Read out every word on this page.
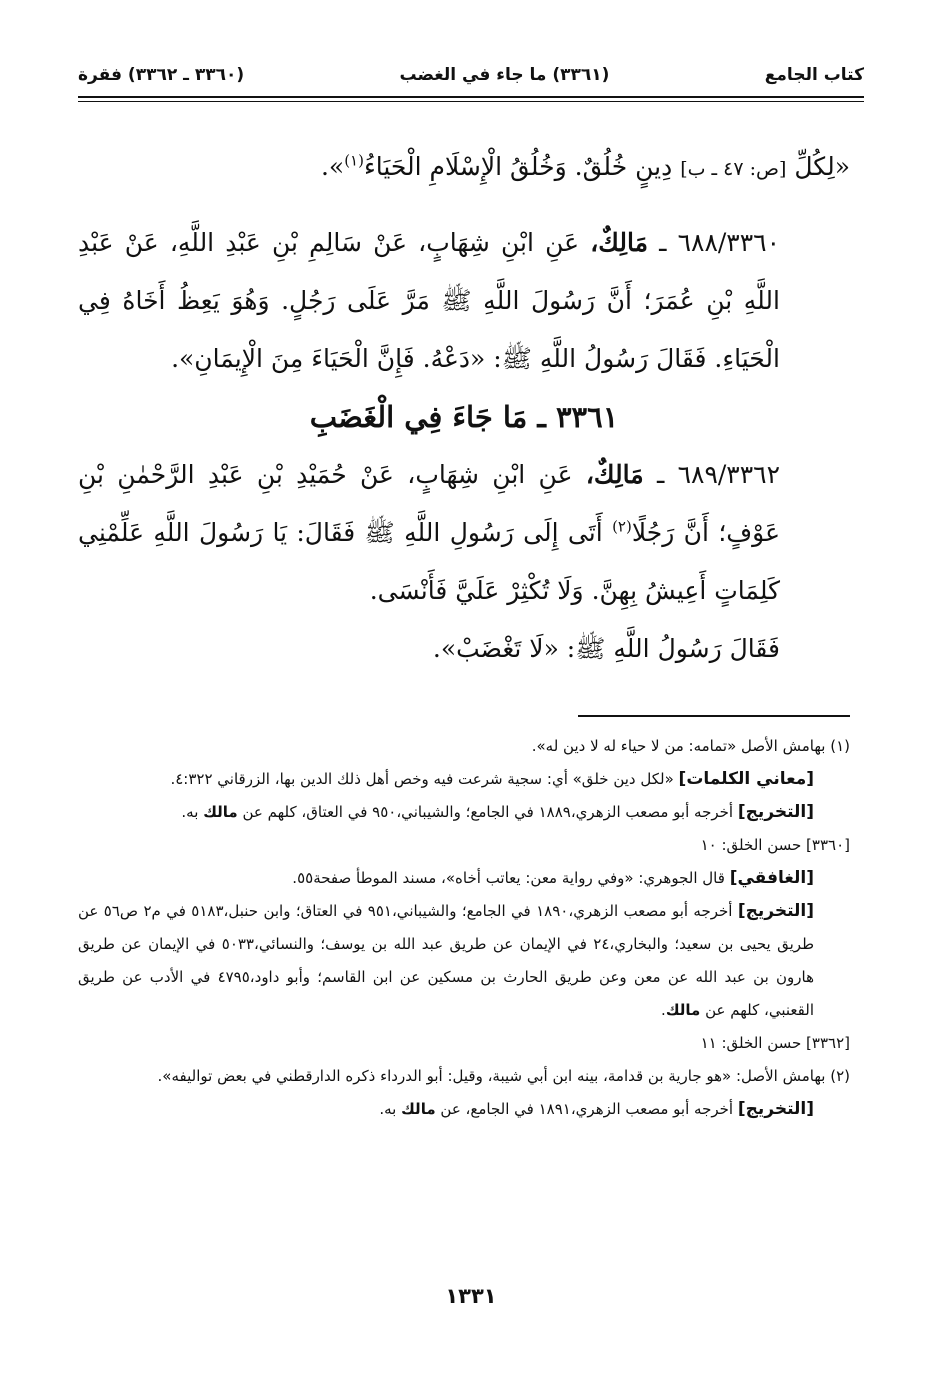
كتاب الجامع
(٣٣٦١) ما جاء في الغضب
(٣٣٦٠ ـ ٣٣٦٢) فقرة

«لِكُلِّ [ص: ٤٧ ـ ب] دِينٍ خُلُقٌ. وَخُلُقُ الْإِسْلَامِ الْحَيَاءُ$^{(١)}$».

٦٨٨/٣٣٦٠ ـ مَالِكٌ، عَنِ ابْنِ شِهَابٍ، عَنْ سَالِمِ بْنِ عَبْدِ اللَّهِ، عَنْ عَبْدِ اللَّهِ بْنِ عُمَرَ؛ أَنَّ رَسُولَ اللَّهِ ﷺ مَرَّ عَلَى رَجُلٍ. وَهُوَ يَعِظُ أَخَاهُ فِي الْحَيَاءِ. فَقَالَ رَسُولُ اللَّهِ ﷺ: «دَعْهُ. فَإِنَّ الْحَيَاءَ مِنَ الْإِيمَانِ».

٣٣٦١ ـ مَا جَاءَ فِي الْغَضَبِ

٦٨٩/٣٣٦٢ ـ مَالِكٌ، عَنِ ابْنِ شِهَابٍ، عَنْ حُمَيْدِ بْنِ عَبْدِ الرَّحْمٰنِ بْنِ عَوْفٍ؛ أَنَّ رَجُلًا$^{(٢)}$ أَتَى إِلَى رَسُولِ اللَّهِ ﷺ فَقَالَ: يَا رَسُولَ اللَّهِ عَلِّمْنِي كَلِمَاتٍ أَعِيشُ بِهِنَّ. وَلَا تُكْثِرْ عَلَيَّ فَأَنْسَى.

فَقَالَ رَسُولُ اللَّهِ ﷺ: «لَا تَغْضَبْ».

(١) بهامش الأصل «تمامه: من لا حياء له لا دين له».

[معاني الكلمات] «لكل دين خلق» أي: سجية شرعت فيه وخص أهل ذلك الدين بها، الزرقاني ٤:٣٢٢.

[التخريج] أخرجه أبو مصعب الزهري،١٨٨٩ في الجامع؛ والشيباني،٩٥٠ في العتاق، كلهم عن مالك به.

[٣٣٦٠] حسن الخلق: ١٠

[الغافقي] قال الجوهري: «وفي رواية معن: يعاتب أخاه»، مسند الموطأ صفحة٥٥.

[التخريج] أخرجه أبو مصعب الزهري،١٨٩٠ في الجامع؛ والشيباني،٩٥١ في العتاق؛ وابن حنبل،٥١٨٣ في م٢ ص٥٦ عن طريق يحيى بن سعيد؛ والبخاري،٢٤ في الإيمان عن طريق عبد الله بن يوسف؛ والنسائي،٥٠٣٣ في الإيمان عن طريق هارون بن عبد الله عن معن وعن طريق الحارث بن مسكين عن ابن القاسم؛ وأبو داود،٤٧٩٥ في الأدب عن طريق القعنبي، كلهم عن مالك.

[٣٣٦٢] حسن الخلق: ١١

(٢) بهامش الأصل: «هو جارية بن قدامة، بينه ابن أبي شيبة، وقيل: أبو الدرداء ذكره الدارقطني في بعض تواليفه».

[التخريج] أخرجه أبو مصعب الزهري،١٨٩١ في الجامع، عن مالك به.

١٣٣١
